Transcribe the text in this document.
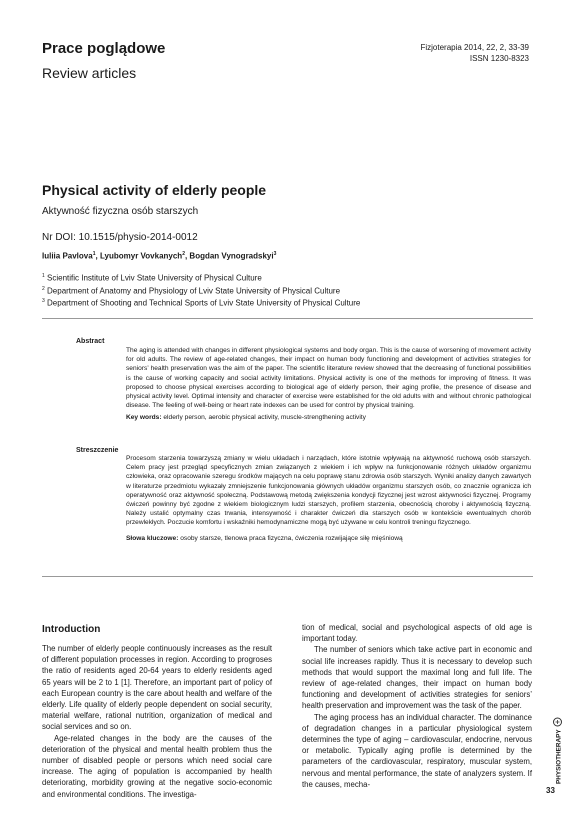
Prace poglądowe
Review articles
Fizjoterapia 2014, 22, 2, 33-39
ISSN 1230-8323
Physical activity of elderly people
Aktywność fizyczna osób starszych
Nr DOI: 10.1515/physio-2014-0012
Iuliia Pavlova$^1$, Lyubomyr Vovkanych$^2$, Bogdan Vynogradskyi$^3$
$^1$ Scientific Institute of Lviv State University of Physical Culture
$^2$ Department of Anatomy and Physiology of Lviv State University of Physical Culture
$^3$ Department of Shooting and Technical Sports of Lviv State University of Physical Culture
Abstract

The aging is attended with changes in different physiological systems and body organ. This is the cause of worsening of movement activity for old adults. The review of age-related changes, their impact on human body functioning and development of activities strategies for seniors’ health preservation was the aim of the paper. The scientific literature review showed that the decreasing of functional possibilities is the cause of working capacity and social activity limitations. Physical activity is one of the methods for improving of fitness. It was proposed to choose physical exercises according to biological age of elderly person, their aging profile, the presence of disease and physical activity level. Optimal intensity and character of exercise were established for the old adults with and without chronic pathological disease. The feeling of well-being or heart rate indexes can be used for control by physical training.

Key words: elderly person, aerobic physical activity, muscle-strengthening activity

Streszczenie

Procesom starzenia towarzyszą zmiany w wielu układach i narządach, które istotnie wpływają na aktywność ruchową osób starszych. Celem pracy jest przegląd specyficznych zmian związanych z wiekiem i ich wpływ na funkcjonowanie różnych układów organizmu człowieka, oraz opracowanie szeregu środków mających na celu poprawę stanu zdrowia osób starszych. Wyniki analizy danych zawartych w literaturze przedmiotu wykazały zmniejszenie funkcjonowania głównych układów organizmu starszych osób, co znacznie ogranicza ich operatywność oraz aktywność społeczną. Podstawową metodą zwiększenia kondycji fizycznej jest wzrost aktywności fizycznej. Programy ćwiczeń powinny być zgodne z wiekiem biologicznym ludzi starszych, profilem starzenia, obecnością choroby i aktywnością fizyczną. Należy ustalić optymalny czas trwania, intensywność i charakter ćwiczeń dla starszych osób w kontekście ewentualnych chorób przewlekłych. Poczucie komfortu i wskaźniki hemodynamiczne mogą być używane w celu kontroli treningu fizycznego.

Słowa kluczowe: osoby starsze, tlenowa praca fizyczna, ćwiczenia rozwijające siłę mięśniową

Introduction

The number of elderly people continuously increases as the result of different population processes in region. According to progroses the ratio of residents aged 20-64 years to elderly residents aged 65 years will be 2 to 1 [1]. Therefore, an important part of policy of each European country is the care about health and welfare of the elderly. Life quality of elderly people dependent on social security, material welfare, rational nutrition, organization of medical and social services and so on.

Age-related changes in the body are the causes of the deterioration of the physical and mental health problem thus the number of disabled people or persons which need social care increase. The aging of population is accompanied by health deteriorating, morbidity growing at the negative socio-economic and environmental conditions. The investiga-

tion of medical, social and psychological aspects of old age is important today.

The number of seniors which take active part in economic and social life increases rapidly. Thus it is necessary to develop such methods that would support the maximal long and full life. The review of age-related changes, their impact on human body functioning and development of activities strategies for seniors’ health preservation and improvement was the task of the paper.

The aging process has an individual character. The dominance of degradation changes in a particular physiological system determines the type of aging – cardiovascular, endocrine, nervous or metabolic. Typically aging profile is determined by the parameters of the cardiovascular, respiratory, muscular system, nervous and mental performance, the state of analyzers system. If the causes, mecha-

PHYSIOTHERAPY
33
